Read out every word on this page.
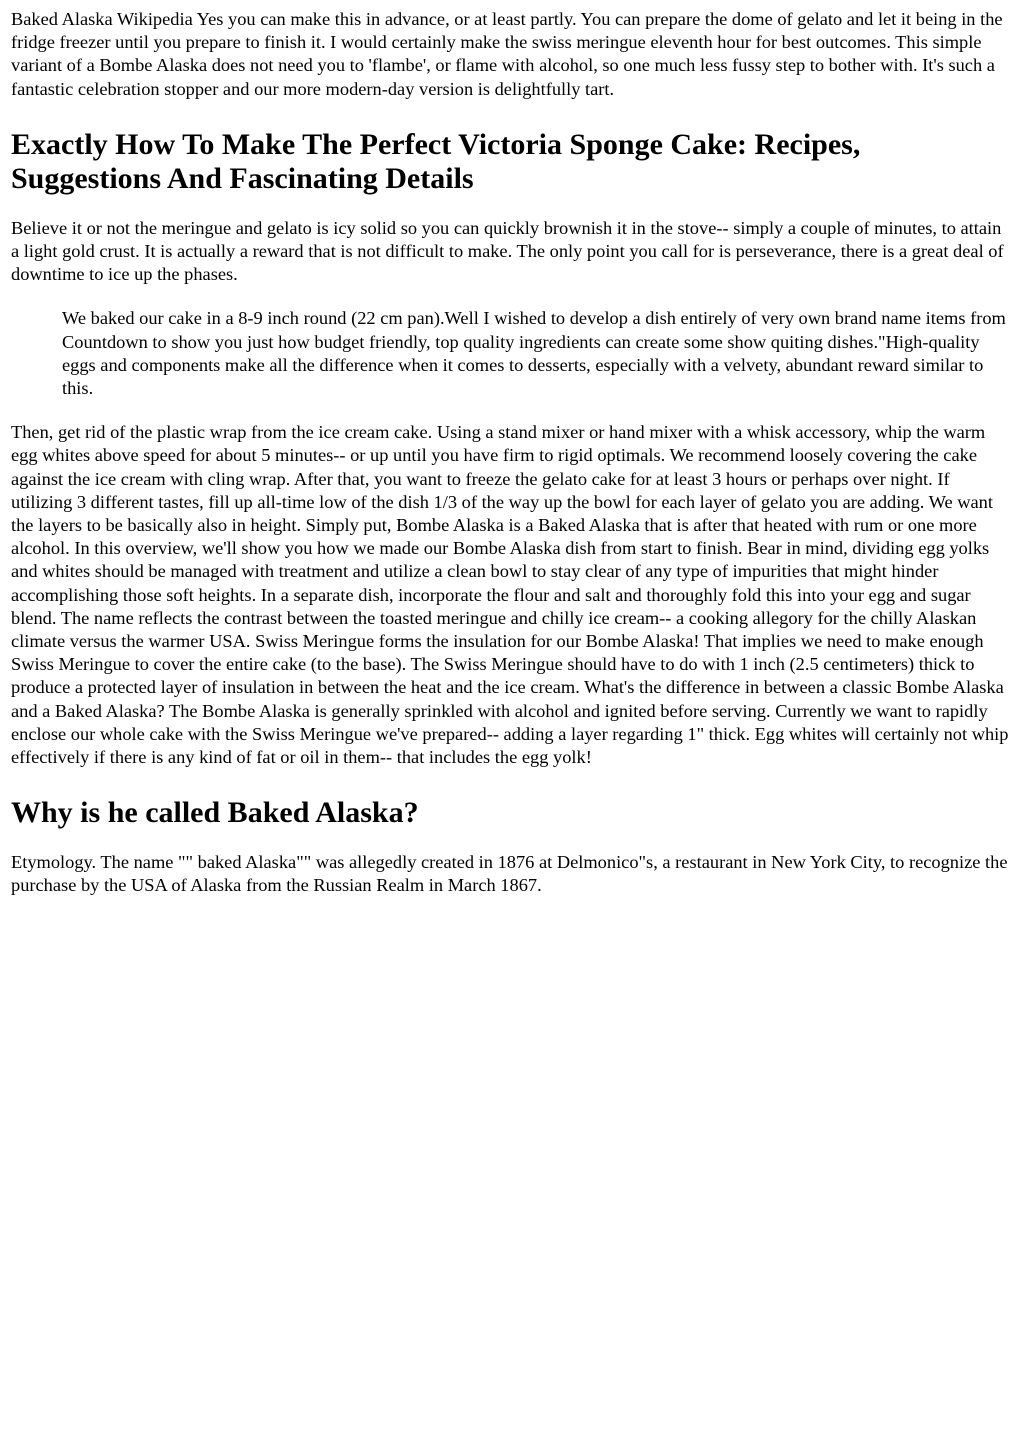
Baked Alaska Wikipedia Yes you can make this in advance, or at least partly. You can prepare the dome of gelato and let it being in the fridge freezer until you prepare to finish it. I would certainly make the swiss meringue eleventh hour for best outcomes. This simple variant of a Bombe Alaska does not need you to 'flambe', or flame with alcohol, so one much less fussy step to bother with. It's such a fantastic celebration stopper and our more modern-day version is delightfully tart.

Exactly How To Make The Perfect Victoria Sponge Cake: Recipes, Suggestions And Fascinating Details

Believe it or not the meringue and gelato is icy solid so you can quickly brownish it in the stove-- simply a couple of minutes, to attain a light gold crust. It is actually a reward that is not difficult to make. The only point you call for is perseverance, there is a great deal of downtime to ice up the phases.

We baked our cake in a 8-9 inch round (22 cm pan).Well I wished to develop a dish entirely of very own brand name items from Countdown to show you just how budget friendly, top quality ingredients can create some show quiting dishes."High-quality eggs and components make all the difference when it comes to desserts, especially with a velvety, abundant reward similar to this.

Then, get rid of the plastic wrap from the ice cream cake. Using a stand mixer or hand mixer with a whisk accessory, whip the warm egg whites above speed for about 5 minutes-- or up until you have firm to rigid optimals. We recommend loosely covering the cake against the ice cream with cling wrap. After that, you want to freeze the gelato cake for at least 3 hours or perhaps over night. If utilizing 3 different tastes, fill up all-time low of the dish 1/3 of the way up the bowl for each layer of gelato you are adding. We want the layers to be basically also in height. Simply put, Bombe Alaska is a Baked Alaska that is after that heated with rum or one more alcohol. In this overview, we'll show you how we made our Bombe Alaska dish from start to finish. Bear in mind, dividing egg yolks and whites should be managed with treatment and utilize a clean bowl to stay clear of any type of impurities that might hinder accomplishing those soft heights. In a separate dish, incorporate the flour and salt and thoroughly fold this into your egg and sugar blend. The name reflects the contrast between the toasted meringue and chilly ice cream-- a cooking allegory for the chilly Alaskan climate versus the warmer USA. Swiss Meringue forms the insulation for our Bombe Alaska! That implies we need to make enough Swiss Meringue to cover the entire cake (to the base). The Swiss Meringue should have to do with 1 inch (2.5 centimeters) thick to produce a protected layer of insulation in between the heat and the ice cream. What's the difference in between a classic Bombe Alaska and a Baked Alaska? The Bombe Alaska is generally sprinkled with alcohol and ignited before serving. Currently we want to rapidly enclose our whole cake with the Swiss Meringue we've prepared-- adding a layer regarding 1" thick. Egg whites will certainly not whip effectively if there is any kind of fat or oil in them-- that includes the egg yolk!

Why is he called Baked Alaska?

Etymology. The name "" baked Alaska"" was allegedly created in 1876 at Delmonico"s, a restaurant in New York City, to recognize the purchase by the USA of Alaska from the Russian Realm in March 1867.
